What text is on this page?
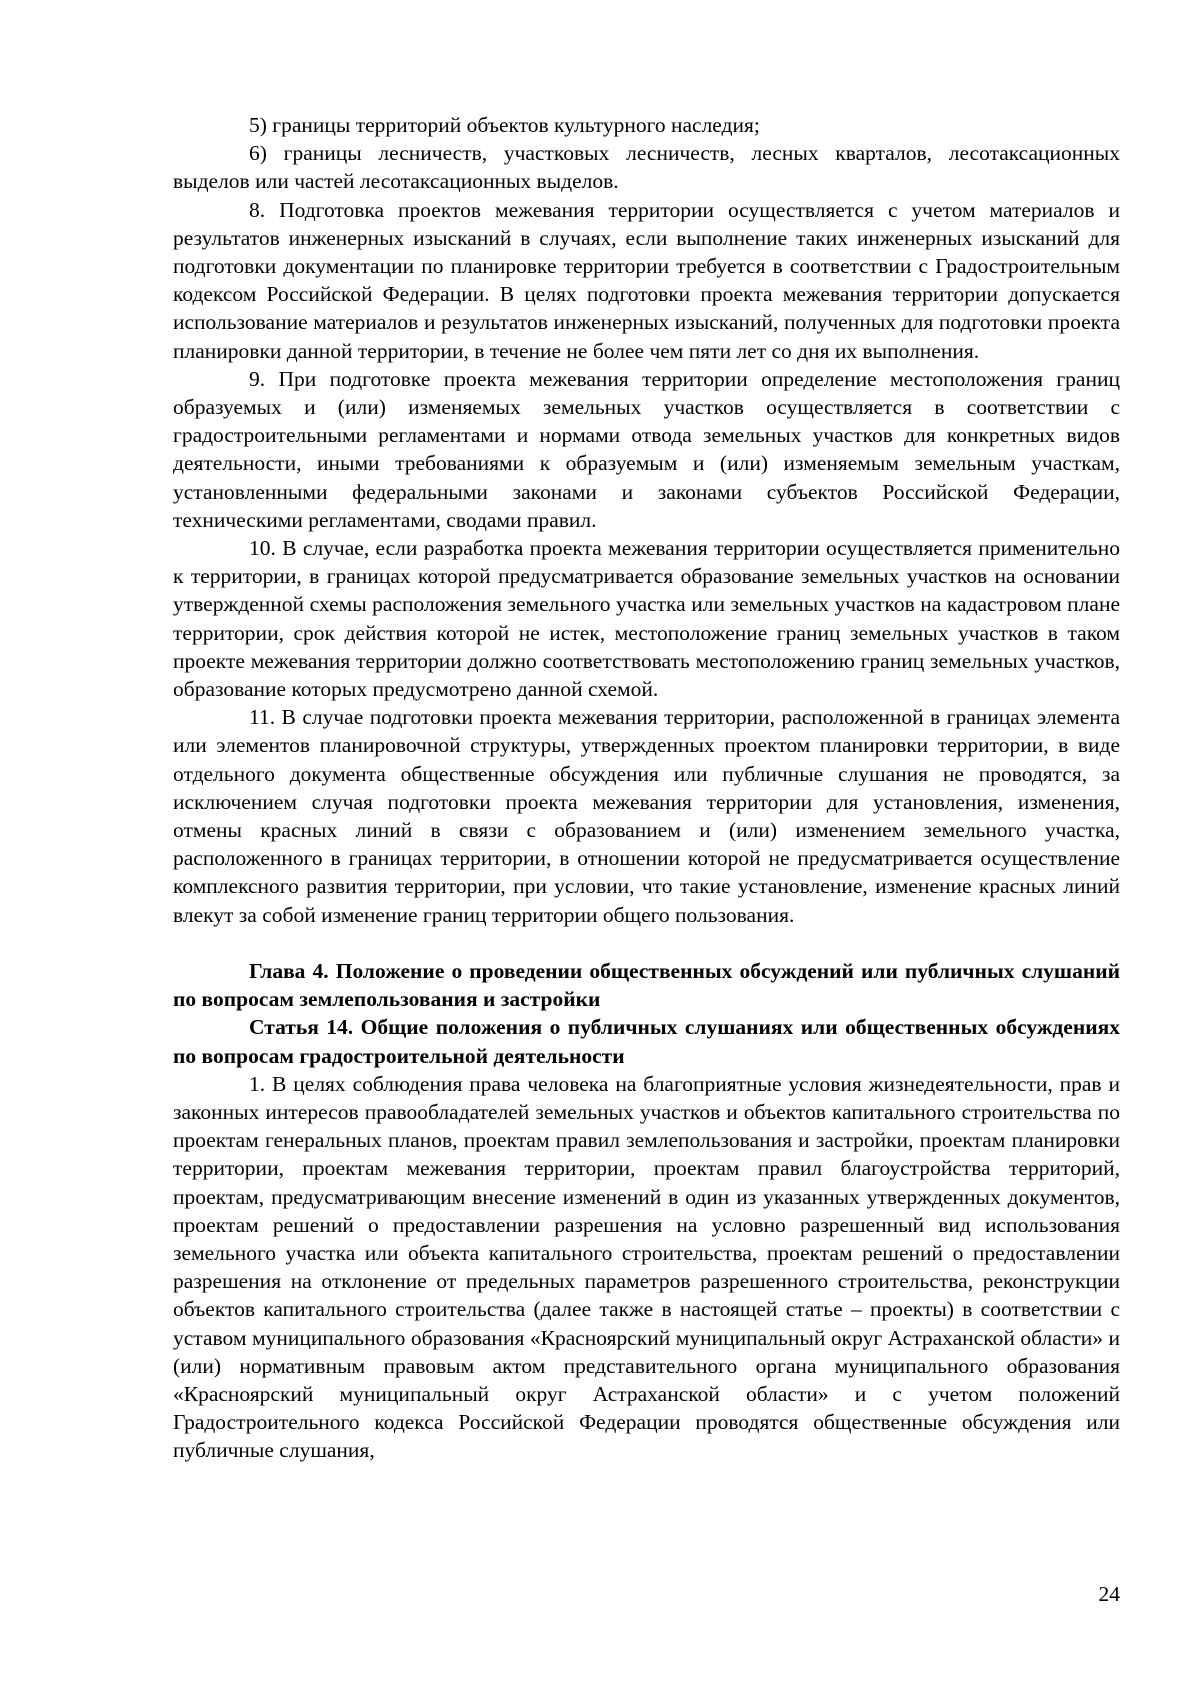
5) границы территорий объектов культурного наследия;

6) границы лесничеств, участковых лесничеств, лесных кварталов, лесотаксационных выделов или частей лесотаксационных выделов.

8. Подготовка проектов межевания территории осуществляется с учетом материалов и результатов инженерных изысканий в случаях, если выполнение таких инженерных изысканий для подготовки документации по планировке территории требуется в соответствии с Градостроительным кодексом Российской Федерации. В целях подготовки проекта межевания территории допускается использование материалов и результатов инженерных изысканий, полученных для подготовки проекта планировки данной территории, в течение не более чем пяти лет со дня их выполнения.

9. При подготовке проекта межевания территории определение местоположения границ образуемых и (или) изменяемых земельных участков осуществляется в соответствии с градостроительными регламентами и нормами отвода земельных участков для конкретных видов деятельности, иными требованиями к образуемым и (или) изменяемым земельным участкам, установленными федеральными законами и законами субъектов Российской Федерации, техническими регламентами, сводами правил.

10. В случае, если разработка проекта межевания территории осуществляется применительно к территории, в границах которой предусматривается образование земельных участков на основании утвержденной схемы расположения земельного участка или земельных участков на кадастровом плане территории, срок действия которой не истек, местоположение границ земельных участков в таком проекте межевания территории должно соответствовать местоположению границ земельных участков, образование которых предусмотрено данной схемой.

11. В случае подготовки проекта межевания территории, расположенной в границах элемента или элементов планировочной структуры, утвержденных проектом планировки территории, в виде отдельного документа общественные обсуждения или публичные слушания не проводятся, за исключением случая подготовки проекта межевания территории для установления, изменения, отмены красных линий в связи с образованием и (или) изменением земельного участка, расположенного в границах территории, в отношении которой не предусматривается осуществление комплексного развития территории, при условии, что такие установление, изменение красных линий влекут за собой изменение границ территории общего пользования.

Глава 4. Положение о проведении общественных обсуждений или публичных слушаний по вопросам землепользования и застройки

Статья 14. Общие положения о публичных слушаниях или общественных обсуждениях по вопросам градостроительной деятельности

1. В целях соблюдения права человека на благоприятные условия жизнедеятельности, прав и законных интересов правообладателей земельных участков и объектов капитального строительства по проектам генеральных планов, проектам правил землепользования и застройки, проектам планировки территории, проектам межевания территории, проектам правил благоустройства территорий, проектам, предусматривающим внесение изменений в один из указанных утвержденных документов, проектам решений о предоставлении разрешения на условно разрешенный вид использования земельного участка или объекта капитального строительства, проектам решений о предоставлении разрешения на отклонение от предельных параметров разрешенного строительства, реконструкции объектов капитального строительства (далее также в настоящей статье – проекты) в соответствии с уставом муниципального образования «Красноярский муниципальный округ Астраханской области» и (или) нормативным правовым актом представительного органа муниципального образования «Красноярский муниципальный округ Астраханской области» и с учетом положений Градостроительного кодекса Российской Федерации проводятся общественные обсуждения или публичные слушания,

24
